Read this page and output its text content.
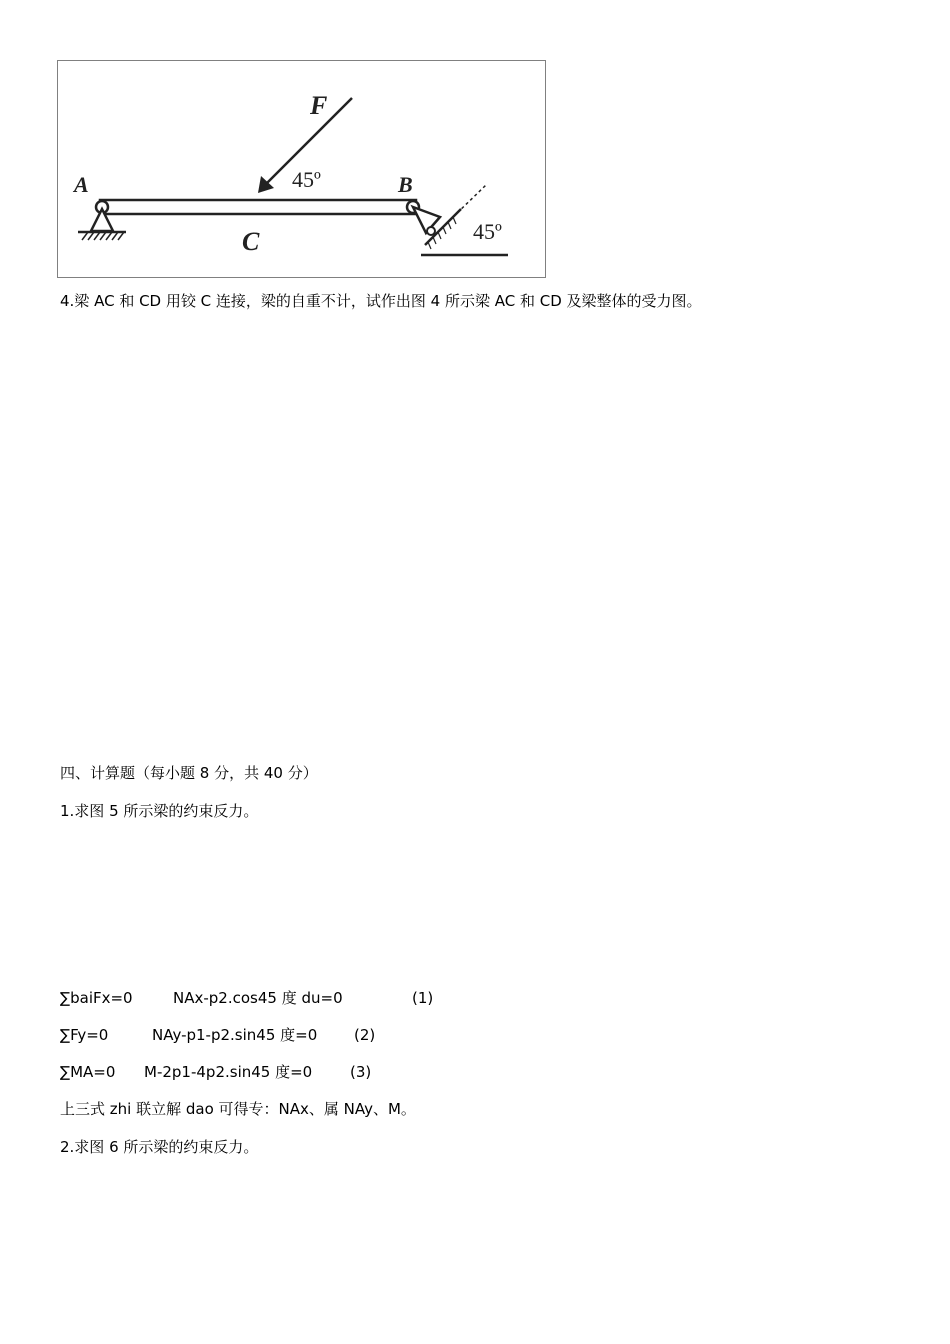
F
A	B
C
45º
45º
4.梁 AC 和 CD 用铰 C 连接，梁的自重不计，试作出图 4 所示梁 AC 和 CD 及梁整体的受力图。
四、计算题（每小题 8 分，共 40 分）
1.求图 5 所示梁的约束反力。
∑baiFx=0	NAx-p2.cos45 度 du=0	(1)
∑Fy=0	NAy-p1-p2.sin45 度=0 (2)
∑MA=0 M-2p1-4p2.sin45 度=0	(3)
上三式 zhi 联立解 dao 可得专：NAx、属 NAy、M。
2.求图 6 所示梁的约束反力。
